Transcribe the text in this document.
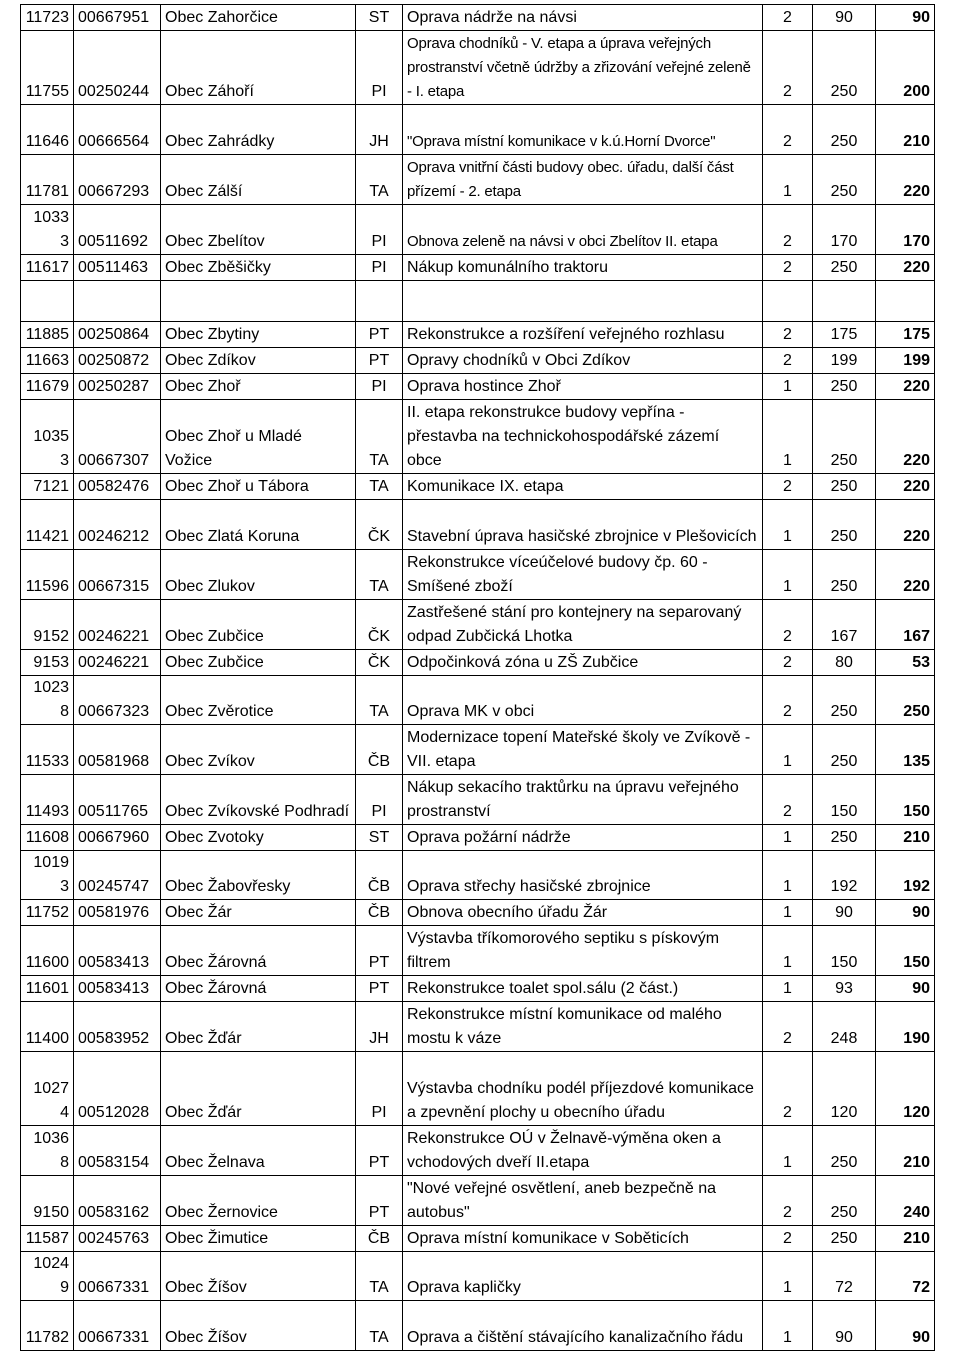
11723	00667951	Obec Zahorčice	ST	Oprava nádrže na návsi	2	90	90
11755	00250244	Obec Záhoří	PI	Oprava chodníků - V. etapa a úprava veřejných prostranství včetně údržby a zřizování veřejné zeleně - I. etapa	2	250	200
11646	00666564	Obec Zahrádky	JH	"Oprava místní komunikace v k.ú.Horní Dvorce"	2	250	210
11781	00667293	Obec Zálší	TA	Oprava vnitřní části budovy obec. úřadu, další část přízemí - 2. etapa	1	250	220
10333	00511692	Obec Zbelítov	PI	Obnova zeleně na návsi v obci Zbelítov II. etapa	2	170	170
11617	00511463	Obec Zběšičky	PI	Nákup komunálního traktoru	2	250	220

11885	00250864	Obec Zbytiny	PT	Rekonstrukce a rozšíření veřejného rozhlasu	2	175	175
11663	00250872	Obec Zdíkov	PT	Opravy chodníků v Obci Zdíkov	2	199	199
11679	00250287	Obec Zhoř	PI	Oprava hostince Zhoř	1	250	220
10353	00667307	Obec Zhoř u Mladé Vožice	TA	II. etapa rekonstrukce budovy vepřína - přestavba na technickohospodářské zázemí obce	1	250	220
7121	00582476	Obec Zhoř u Tábora	TA	Komunikace IX. etapa	2	250	220
11421	00246212	Obec Zlatá Koruna	ČK	Stavební úprava hasičské zbrojnice v Plešovicích	1	250	220
11596	00667315	Obec Zlukov	TA	Rekonstrukce víceúčelové budovy čp. 60 - Smíšené zboží	1	250	220
9152	00246221	Obec Zubčice	ČK	Zastřešené stání pro kontejnery na separovaný odpad Zubčická Lhotka	2	167	167
9153	00246221	Obec Zubčice	ČK	Odpočinková zóna u ZŠ Zubčice	2	80	53
10238	00667323	Obec Zvěrotice	TA	Oprava MK v obci	2	250	250
11533	00581968	Obec Zvíkov	ČB	Modernizace topení Mateřské školy ve Zvíkově - VII. etapa	1	250	135
11493	00511765	Obec Zvíkovské Podhradí	PI	Nákup sekacího traktůrku na úpravu veřejného prostranství	2	150	150
11608	00667960	Obec Zvotoky	ST	Oprava požární nádrže	1	250	210
10193	00245747	Obec Žabovřesky	ČB	Oprava střechy hasičské zbrojnice	1	192	192
11752	00581976	Obec Žár	ČB	Obnova obecního úřadu Žár	1	90	90
11600	00583413	Obec Žárovná	PT	Výstavba tříkomorového septiku s pískovým filtrem	1	150	150
11601	00583413	Obec Žárovná	PT	Rekonstrukce toalet spol.sálu (2 část.)	1	93	90
11400	00583952	Obec Žďár	JH	Rekonstrukce místní komunikace od malého mostu k váze	2	248	190
10274	00512028	Obec Žďár	PI	Výstavba chodníku podél příjezdové komunikace a zpevnění plochy u obecního úřadu	2	120	120
10368	00583154	Obec Želnava	PT	Rekonstrukce OÚ v Želnavě-výměna oken a vchodových dveří II.etapa	1	250	210
9150	00583162	Obec Žernovice	PT	"Nové veřejné osvětlení, aneb bezpečně na autobus"	2	250	240
11587	00245763	Obec Žimutice	ČB	Oprava místní komunikace v Soběticích	2	250	210
10249	00667331	Obec Žíšov	TA	Oprava kapličky	1	72	72
11782	00667331	Obec Žíšov	TA	Oprava a čištění stávajícího kanalizačního řádu	1	90	90
